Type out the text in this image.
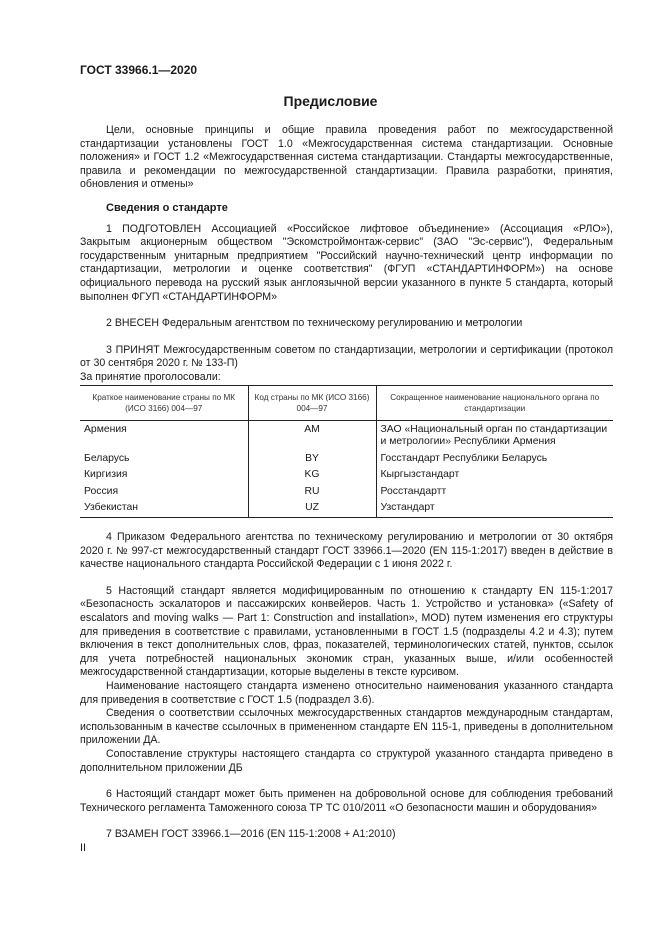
ГОСТ 33966.1—2020
Предисловие

Цели, основные принципы и общие правила проведения работ по межгосударственной стандартизации установлены ГОСТ 1.0 «Межгосударственная система стандартизации. Основные положения» и ГОСТ 1.2 «Межгосударственная система стандартизации. Стандарты межгосударственные, правила и рекомендации по межгосударственной стандартизации. Правила разработки, принятия, обновления и отмены»

Сведения о стандарте

1 ПОДГОТОВЛЕН Ассоциацией «Российское лифтовое объединение» (Ассоциация «РЛО»), Закрытым акционерным обществом "Эскомстроймонтаж-сервис" (ЗАО "Эс-сервис"), Федеральным государственным унитарным предприятием "Российский научно-технический центр информации по стандартизации, метрологии и оценке соответствия" (ФГУП «СТАНДАРТИНФОРМ») на основе официального перевода на русский язык англоязычной версии указанного в пункте 5 стандарта, который выполнен ФГУП «СТАНДАРТИНФОРМ»

2 ВНЕСЕН Федеральным агентством по техническому регулированию и метрологии

3 ПРИНЯТ Межгосударственным советом по стандартизации, метрологии и сертификации (протокол от 30 сентября 2020 г. № 133-П)

За принятие проголосовали:

Краткое наименование страны по МК (ИСО 3166) 004—97	Код страны по МК (ИСО 3166) 004—97	Сокращенное наименование национального органа по стандартизации
Армения	AM	ЗАО «Национальный орган по стандартизации и метрологии» Республики Армения
Беларусь	BY	Госстандарт Республики Беларусь
Киргизия	KG	Кыргызстандарт
Россия	RU	Росстандартт
Узбекистан	UZ	Узстандарт

4 Приказом Федерального агентства по техническому регулированию и метрологии от 30 октября 2020 г. № 997-ст межгосударственный стандарт ГОСТ 33966.1—2020 (EN 115-1:2017) введен в действие в качестве национального стандарта Российской Федерации с 1 июня 2022 г.

5 Настоящий стандарт является модифицированным по отношению к стандарту EN 115-1:2017 «Безопасность эскалаторов и пассажирских конвейеров. Часть 1. Устройство и установка» («Safety of escalators and moving walks — Part 1: Construction and installation», MOD) путем изменения его структуры для приведения в соответствие с правилами, установленными в ГОСТ 1.5 (подразделы 4.2 и 4.3); путем включения в текст дополнительных слов, фраз, показателей, терминологических статей, пунктов, ссылок для учета потребностей национальных экономик стран, указанных выше, и/или особенностей межгосударственной стандартизации, которые выделены в тексте курсивом.

Наименование настоящего стандарта изменено относительно наименования указанного стандарта для приведения в соответствие с ГОСТ 1.5 (подраздел 3.6).

Сведения о соответствии ссылочных межгосударственных стандартов международным стандартам, использованным в качестве ссылочных в примененном стандарте EN 115-1, приведены в дополнительном приложении ДА.

Сопоставление структуры настоящего стандарта со структурой указанного стандарта приведено в дополнительном приложении ДБ

6 Настоящий стандарт может быть применен на добровольной основе для соблюдения требований Технического регламента Таможенного союза ТР ТС 010/2011 «О безопасности машин и оборудования»

7 ВЗАМЕН ГОСТ 33966.1—2016 (EN 115-1:2008 + A1:2010)

II
